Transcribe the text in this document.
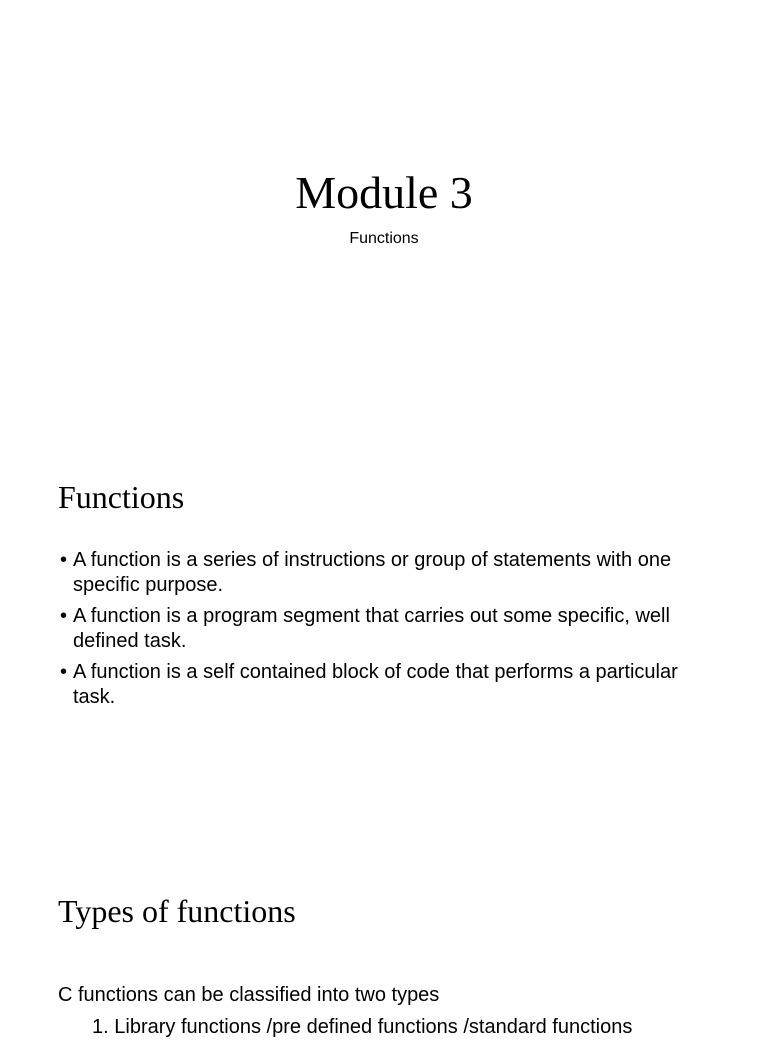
Module 3
Functions
Functions
• A function is a series of instructions or group of statements with one specific purpose.
• A function is a program segment that carries out some specific, well defined task.
• A function is a self contained block of code that performs a particular task.
Types of functions
C functions can be classified into two types
1. Library functions /pre defined functions /standard functions
